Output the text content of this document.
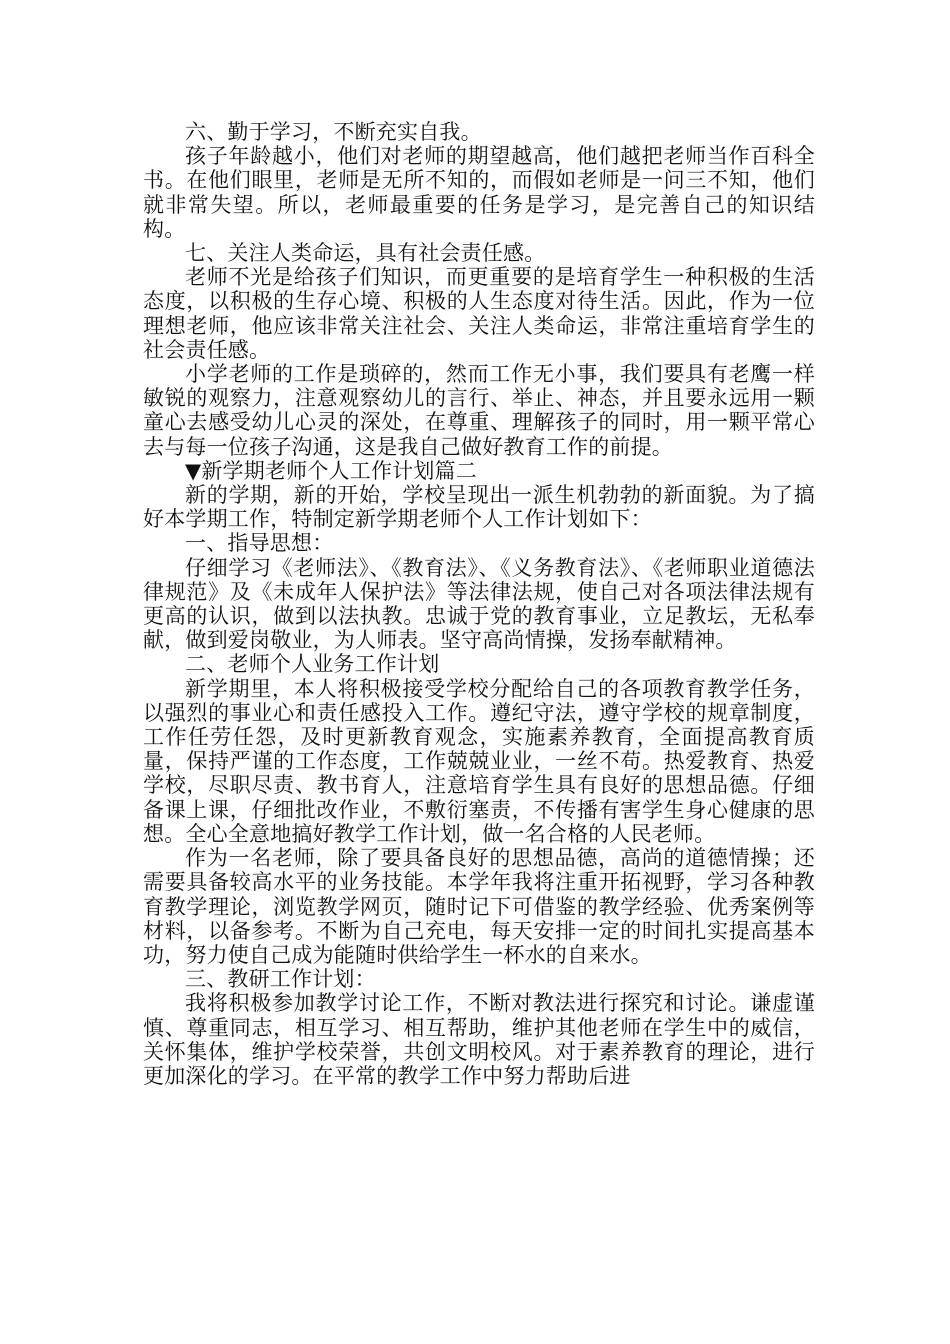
六、勤于学习，不断充实自我。

孩子年龄越小，他们对老师的期望越高，他们越把老师当作百科全书。在他们眼里，老师是无所不知的，而假如老师是一问三不知，他们就非常失望。所以，老师最重要的任务是学习，是完善自己的知识结构。

七、关注人类命运，具有社会责任感。

老师不光是给孩子们知识，而更重要的是培育学生一种积极的生活态度，以积极的生存心境、积极的人生态度对待生活。因此，作为一位理想老师，他应该非常关注社会、关注人类命运，非常注重培育学生的社会责任感。

小学老师的工作是琐碎的，然而工作无小事，我们要具有老鹰一样敏锐的观察力，注意观察幼儿的言行、举止、神态，并且要永远用一颗童心去感受幼儿心灵的深处，在尊重、理解孩子的同时，用一颗平常心去与每一位孩子沟通，这是我自己做好教育工作的前提。

▼新学期老师个人工作计划篇二

新的学期，新的开始，学校呈现出一派生机勃勃的新面貌。为了搞好本学期工作，特制定新学期老师个人工作计划如下：

一、指导思想：

仔细学习《老师法》、《教育法》、《义务教育法》、《老师职业道德法律规范》及《未成年人保护法》等法律法规，使自己对各项法律法规有更高的认识，做到以法执教。忠诚于党的教育事业，立足教坛，无私奉献，做到爱岗敬业，为人师表。坚守高尚情操，发扬奉献精神。

二、老师个人业务工作计划

新学期里，本人将积极接受学校分配给自己的各项教育教学任务，以强烈的事业心和责任感投入工作。遵纪守法，遵守学校的规章制度，工作任劳任怨，及时更新教育观念，实施素养教育，全面提高教育质量，保持严谨的工作态度，工作兢兢业业，一丝不苟。热爱教育、热爱学校，尽职尽责、教书育人，注意培育学生具有良好的思想品德。仔细备课上课，仔细批改作业，不敷衍塞责，不传播有害学生身心健康的思想。全心全意地搞好教学工作计划，做一名合格的人民老师。

作为一名老师，除了要具备良好的思想品德，高尚的道德情操；还需要具备较高水平的业务技能。本学年我将注重开拓视野，学习各种教育教学理论，浏览教学网页，随时记下可借鉴的教学经验、优秀案例等材料，以备参考。不断为自己充电，每天安排一定的时间扎实提高基本功，努力使自己成为能随时供给学生一杯水的自来水。

三、教研工作计划：

我将积极参加教学讨论工作，不断对教法进行探究和讨论。谦虚谨慎、尊重同志，相互学习、相互帮助，维护其他老师在学生中的威信，关怀集体，维护学校荣誉，共创文明校风。对于素养教育的理论，进行更加深化的学习。在平常的教学工作中努力帮助后进
